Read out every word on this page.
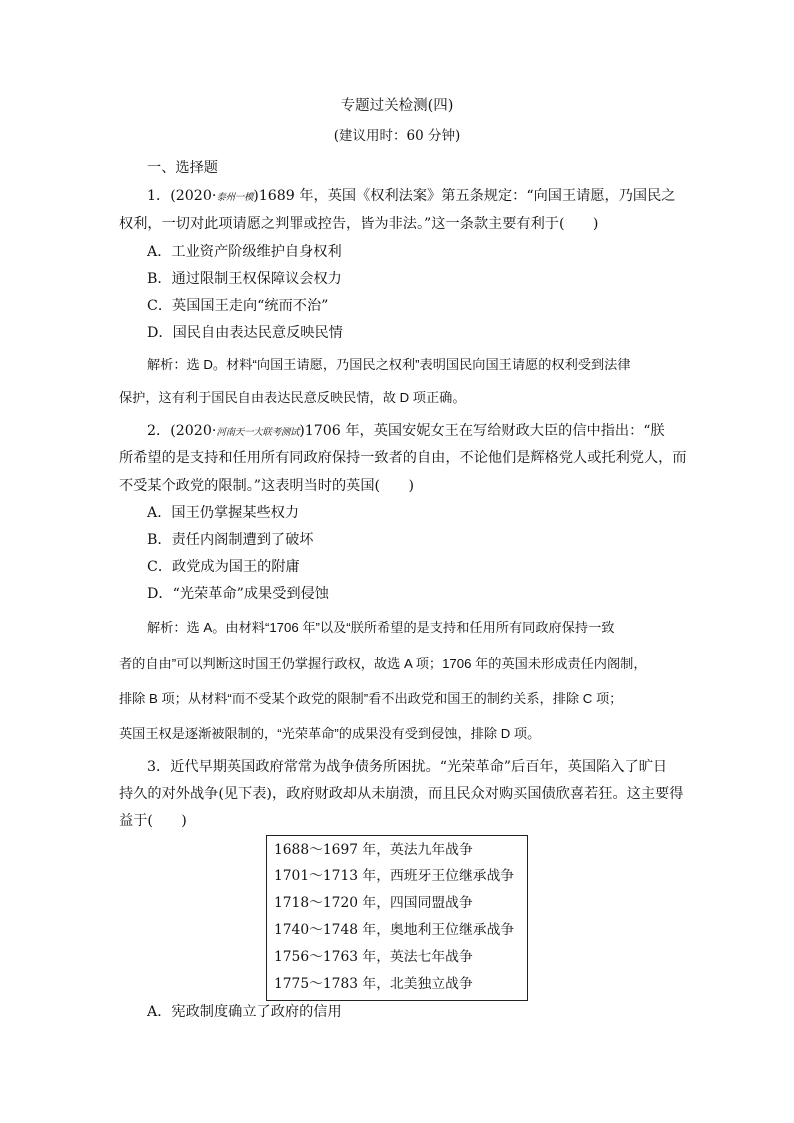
专题过关检测(四)
(建议用时：60 分钟)
一、选择题
1．(2020·泰州一模)1689 年，英国《权利法案》第五条规定：“向国王请愿，乃国民之
权利，一切对此项请愿之判罪或控告，皆为非法。”这一条款主要有利于(　　)
A．工业资产阶级维护自身权利
B．通过限制王权保障议会权力
C．英国国王走向“统而不治”
D．国民自由表达民意反映民情
解析：选 D。材料“向国王请愿，乃国民之权利”表明国民向国王请愿的权利受到法律
保护，这有利于国民自由表达民意反映民情，故 D 项正确。
2．(2020·河南天一大联考测试)1706 年，英国安妮女王在写给财政大臣的信中指出：“朕
所希望的是支持和任用所有同政府保持一致者的自由，不论他们是辉格党人或托利党人，而
不受某个政党的限制。”这表明当时的英国(　　)
A．国王仍掌握某些权力
B．责任内阁制遭到了破坏
C．政党成为国王的附庸
D．“光荣革命”成果受到侵蚀
解析：选 A。由材料“1706 年”以及“朕所希望的是支持和任用所有同政府保持一致
者的自由”可以判断这时国王仍掌握行政权，故选 A 项；1706 年的英国未形成责任内阁制，
排除 B 项；从材料“而不受某个政党的限制”看不出政党和国王的制约关系，排除 C 项；
英国王权是逐渐被限制的，“光荣革命”的成果没有受到侵蚀，排除 D 项。
3．近代早期英国政府常常为战争债务所困扰。“光荣革命”后百年，英国陷入了旷日
持久的对外战争(见下表)，政府财政却从未崩溃，而且民众对购买国债欣喜若狂。这主要得
益于(　　)
1688～1697 年，英法九年战争
1701～1713 年，西班牙王位继承战争
1718～1720 年，四国同盟战争
1740～1748 年，奥地利王位继承战争
1756～1763 年，英法七年战争
1775～1783 年，北美独立战争
A．宪政制度确立了政府的信用
